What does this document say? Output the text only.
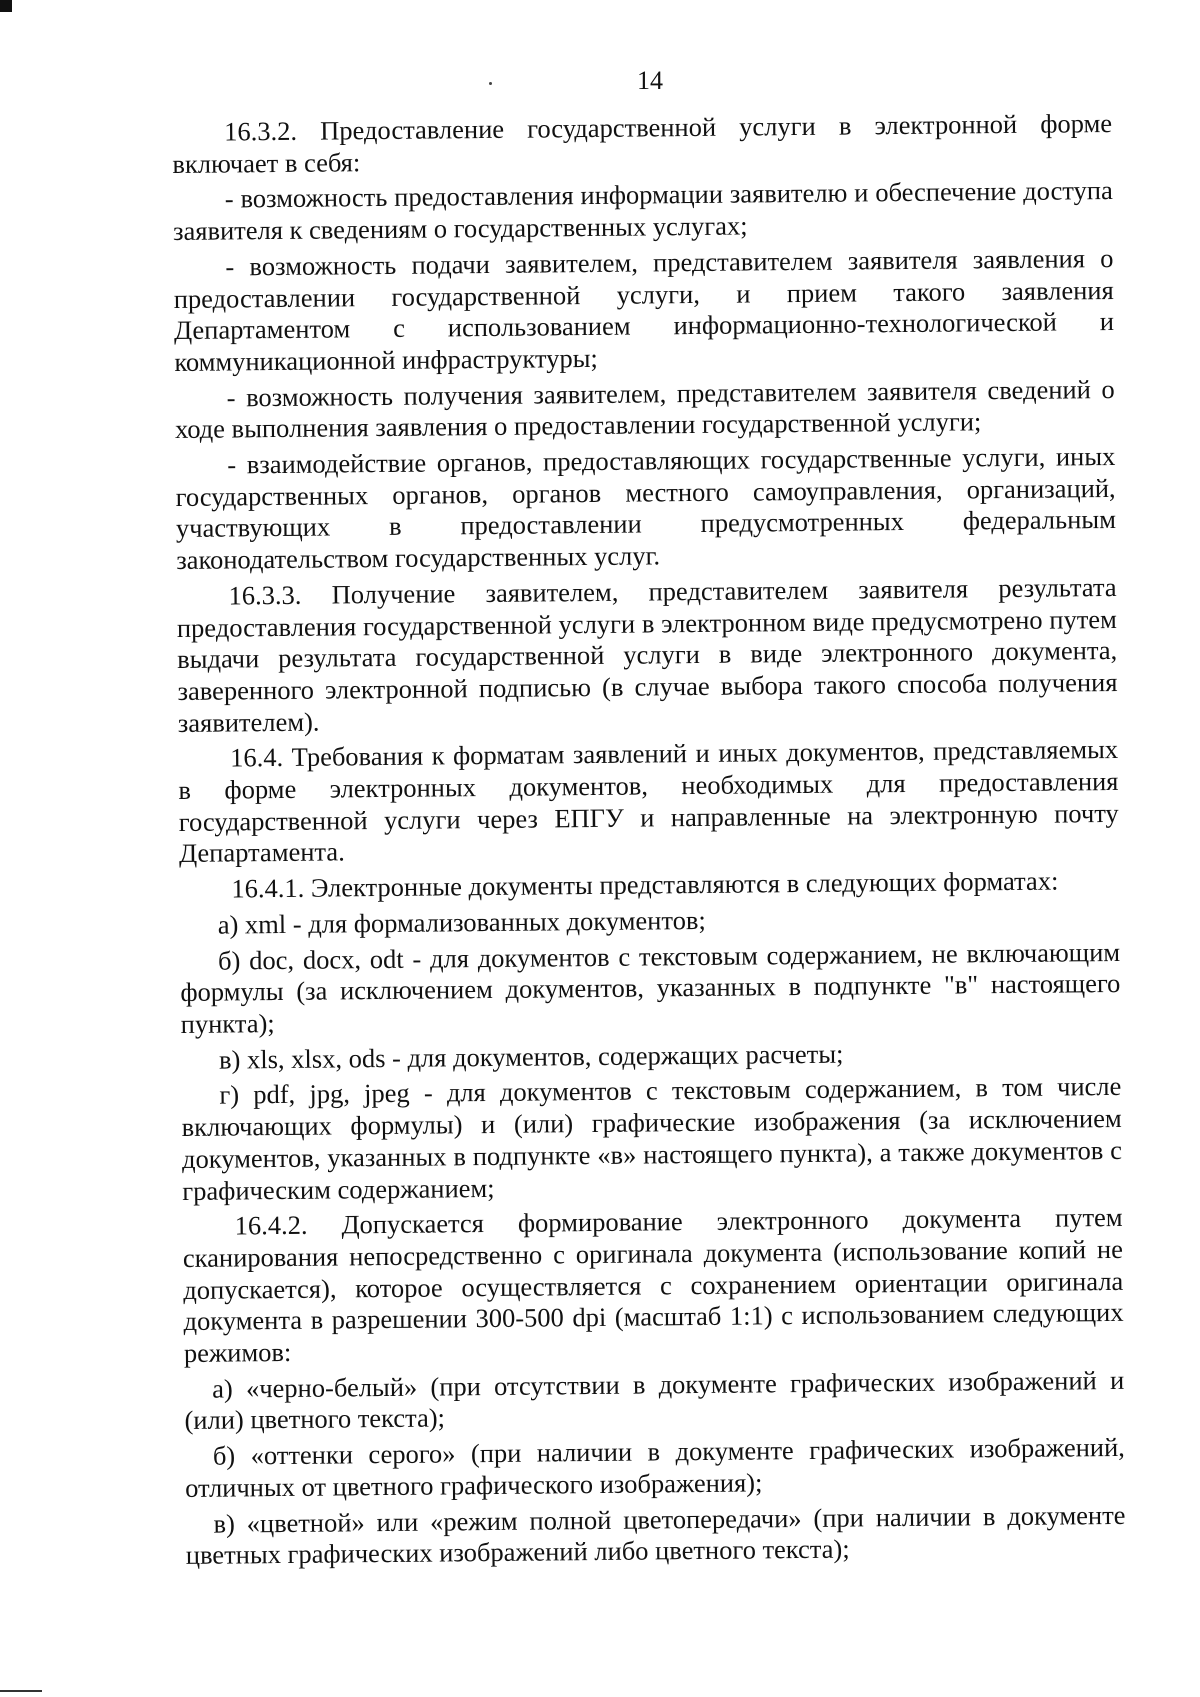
14

16.3.2. Предоставление государственной услуги в электронной форме включает в себя:

- возможность предоставления информации заявителю и обеспечение доступа заявителя к сведениям о государственных услугах;

- возможность подачи заявителем, представителем заявителя заявления о предоставлении государственной услуги, и прием такого заявления Департаментом с использованием информационно-технологической и коммуникационной инфраструктуры;

- возможность получения заявителем, представителем заявителя сведений о ходе выполнения заявления о предоставлении государственной услуги;

- взаимодействие органов, предоставляющих государственные услуги, иных государственных органов, органов местного самоуправления, организаций, участвующих в предоставлении предусмотренных федеральным законодательством государственных услуг.

16.3.3. Получение заявителем, представителем заявителя результата предоставления государственной услуги в электронном виде предусмотрено путем выдачи результата государственной услуги в виде электронного документа, заверенного электронной подписью (в случае выбора такого способа получения заявителем).

16.4. Требования к форматам заявлений и иных документов, представляемых в форме электронных документов, необходимых для предоставления государственной услуги через ЕПГУ и направленные на электронную почту Департамента.

16.4.1. Электронные документы представляются в следующих форматах:

а) xml - для формализованных документов;

б) doc, docx, odt - для документов с текстовым содержанием, не включающим формулы (за исключением документов, указанных в подпункте "в" настоящего пункта);

в) xls, xlsx, ods - для документов, содержащих расчеты;

г) pdf, jpg, jpeg - для документов с текстовым содержанием, в том числе включающих формулы) и (или) графические изображения (за исключением документов, указанных в подпункте «в» настоящего пункта), а также документов с графическим содержанием;

16.4.2. Допускается формирование электронного документа путем сканирования непосредственно с оригинала документа (использование копий не допускается), которое осуществляется с сохранением ориентации оригинала документа в разрешении 300-500 dpi (масштаб 1:1) с использованием следующих режимов:

а) «черно-белый» (при отсутствии в документе графических изображений и (или) цветного текста);

б) «оттенки серого» (при наличии в документе графических изображений, отличных от цветного графического изображения);

в) «цветной» или «режим полной цветопередачи» (при наличии в документе цветных графических изображений либо цветного текста);
